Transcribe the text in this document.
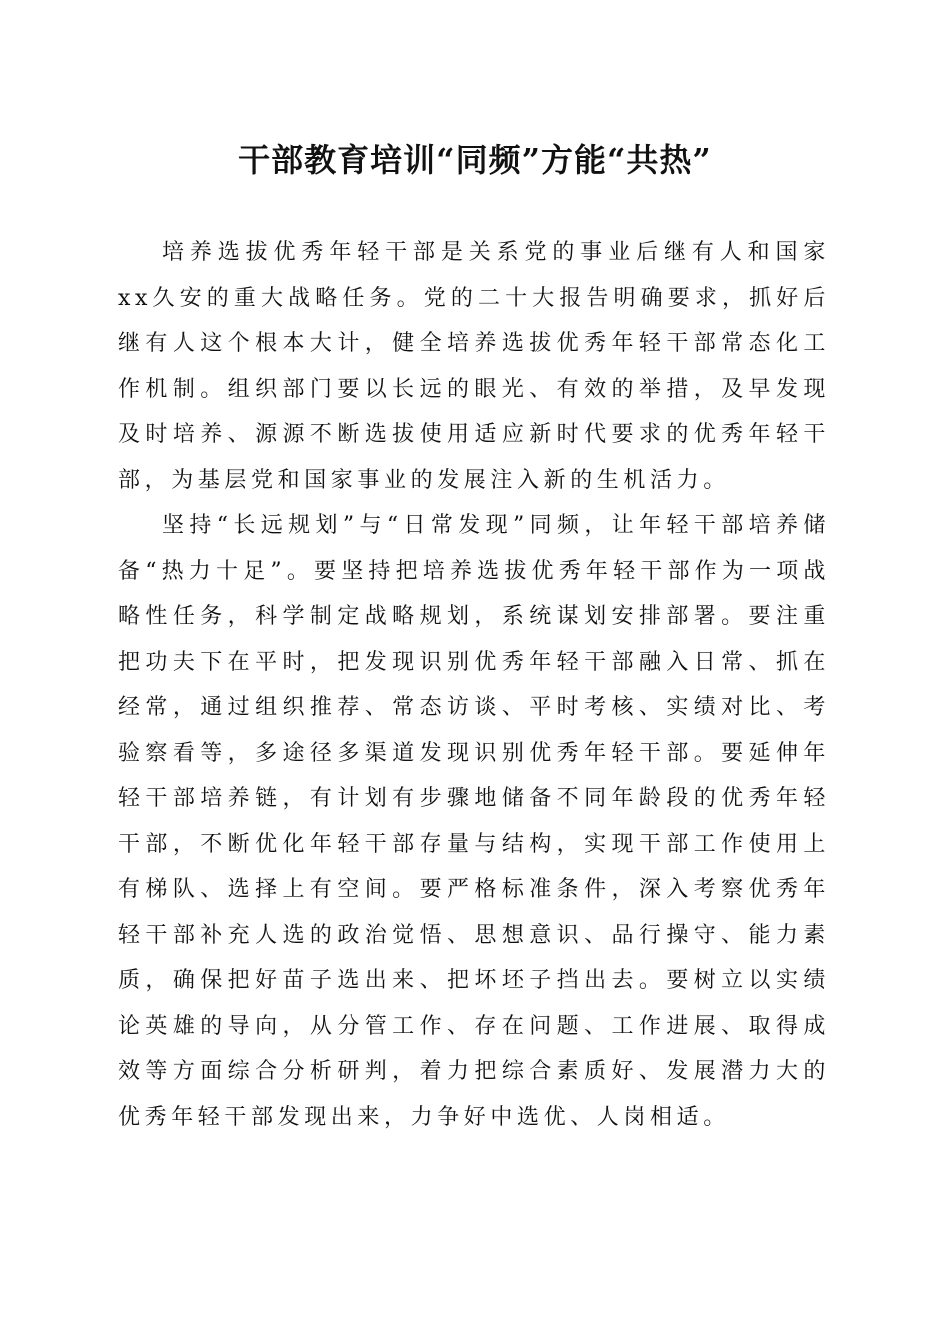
干部教育培训“同频”方能“共热”

培养选拔优秀年轻干部是关系党的事业后继有人和国家xx久安的重大战略任务。党的二十大报告明确要求，抓好后继有人这个根本大计，健全培养选拔优秀年轻干部常态化工作机制。组织部门要以长远的眼光、有效的举措，及早发现及时培养、源源不断选拔使用适应新时代要求的优秀年轻干部，为基层党和国家事业的发展注入新的生机活力。

坚持“长远规划”与“日常发现”同频，让年轻干部培养储备“热力十足”。要坚持把培养选拔优秀年轻干部作为一项战略性任务，科学制定战略规划，系统谋划安排部署。要注重把功夫下在平时，把发现识别优秀年轻干部融入日常、抓在经常，通过组织推荐、常态访谈、平时考核、实绩对比、考验察看等，多途径多渠道发现识别优秀年轻干部。要延伸年轻干部培养链，有计划有步骤地储备不同年龄段的优秀年轻干部，不断优化年轻干部存量与结构，实现干部工作使用上有梯队、选择上有空间。要严格标准条件，深入考察优秀年轻干部补充人选的政治觉悟、思想意识、品行操守、能力素质，确保把好苗子选出来、把坏坯子挡出去。要树立以实绩论英雄的导向，从分管工作、存在问题、工作进展、取得成效等方面综合分析研判，着力把综合素质好、发展潜力大的优秀年轻干部发现出来，力争好中选优、人岗相适。
